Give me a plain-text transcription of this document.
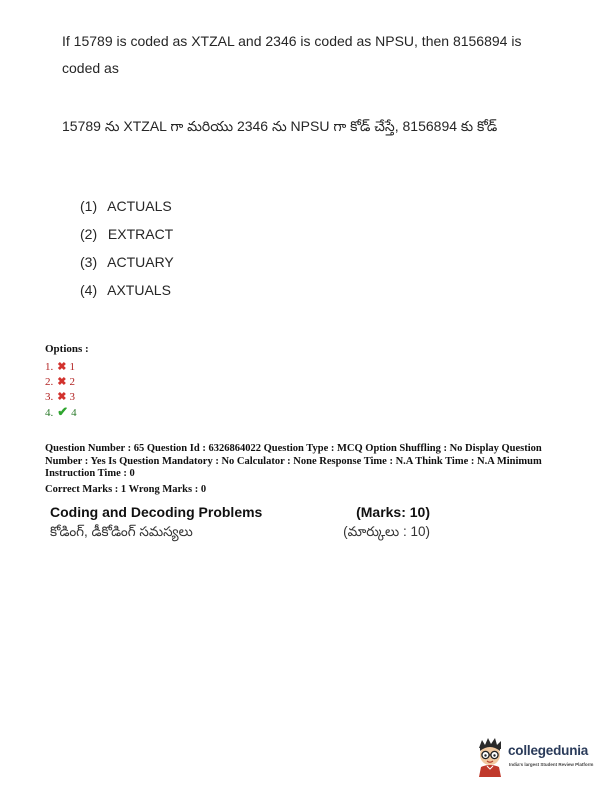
If 15789 is coded as XTZAL and 2346 is coded as NPSU, then 8156894 is coded as
15789 ను XTZAL గా మరియు 2346 ను NPSU గా కోడ్ చేస్తే, 8156894 కు కోడ్
(1) ACTUALS
(2) EXTRACT
(3) ACTUARY
(4) AXTUALS
Options :
1. ✖ 1
2. ✖ 2
3. ✖ 3
4. ✔ 4
Question Number : 65 Question Id : 6326864022 Question Type : MCQ Option Shuffling : No Display Question Number : Yes Is Question Mandatory : No Calculator : None Response Time : N.A Think Time : N.A Minimum Instruction Time : 0
Correct Marks : 1 Wrong Marks : 0
Coding and Decoding Problems	(Marks: 10)
కోడింగ్, డీకోడింగ్ సమస్యలు	(మార్కులు : 10)
collegedunia
India's largest Student Review Platform
